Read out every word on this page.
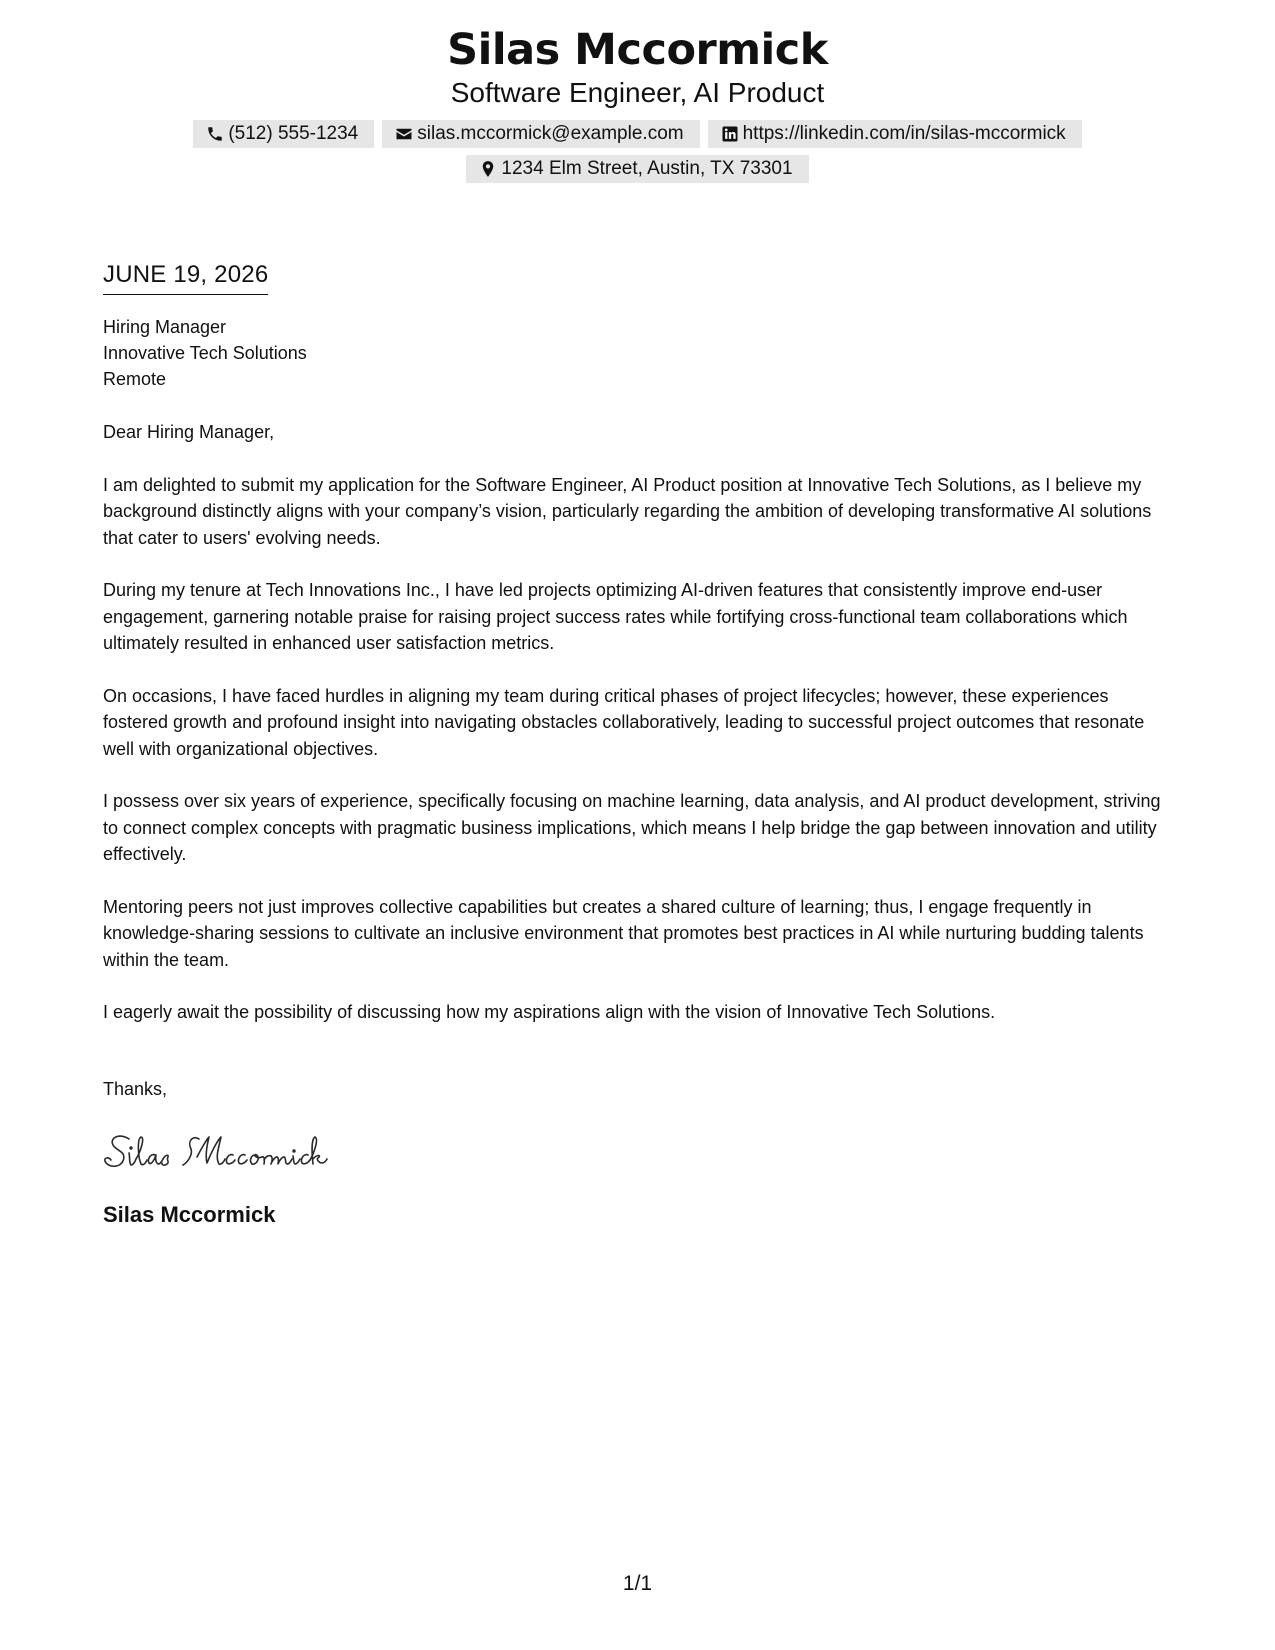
Silas Mccormick
Software Engineer, AI Product
(512) 555-1234	silas.mccormick@example.com	https://linkedin.com/in/silas-mccormick
1234 Elm Street, Austin, TX 73301
JUNE 19, 2026
Hiring Manager
Innovative Tech Solutions
Remote
Dear Hiring Manager,
I am delighted to submit my application for the Software Engineer, AI Product position at Innovative Tech Solutions, as I believe my background distinctly aligns with your company’s vision, particularly regarding the ambition of developing transformative AI solutions that cater to users' evolving needs.
During my tenure at Tech Innovations Inc., I have led projects optimizing AI-driven features that consistently improve end-user engagement, garnering notable praise for raising project success rates while fortifying cross-functional team collaborations which ultimately resulted in enhanced user satisfaction metrics.
On occasions, I have faced hurdles in aligning my team during critical phases of project lifecycles; however, these experiences fostered growth and profound insight into navigating obstacles collaboratively, leading to successful project outcomes that resonate well with organizational objectives.
I possess over six years of experience, specifically focusing on machine learning, data analysis, and AI product development, striving to connect complex concepts with pragmatic business implications, which means I help bridge the gap between innovation and utility effectively.
Mentoring peers not just improves collective capabilities but creates a shared culture of learning; thus, I engage frequently in knowledge-sharing sessions to cultivate an inclusive environment that promotes best practices in AI while nurturing budding talents within the team.
I eagerly await the possibility of discussing how my aspirations align with the vision of Innovative Tech Solutions.
Thanks,
Silas Mccormick
1/1
